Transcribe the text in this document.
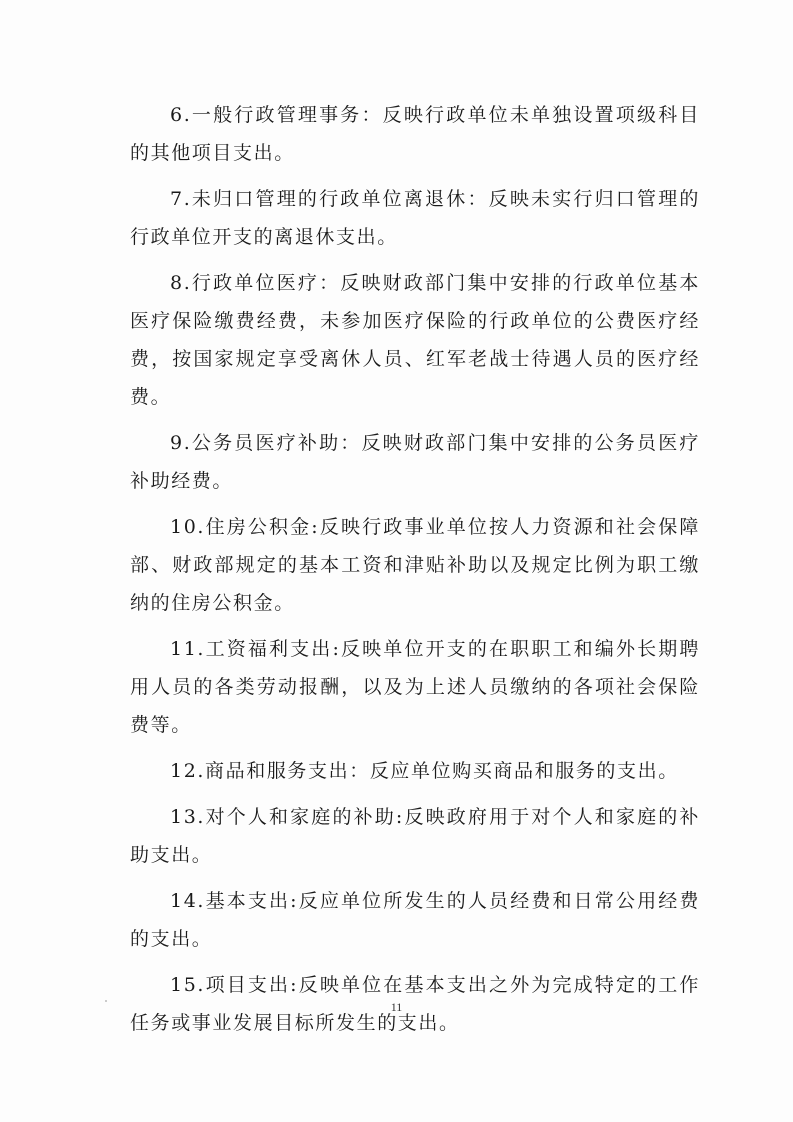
6.一般行政管理事务：反映行政单位未单独设置项级科目的其他项目支出。

7.未归口管理的行政单位离退休：反映未实行归口管理的行政单位开支的离退休支出。

8.行政单位医疗：反映财政部门集中安排的行政单位基本医疗保险缴费经费，未参加医疗保险的行政单位的公费医疗经费，按国家规定享受离休人员、红军老战士待遇人员的医疗经费。

9.公务员医疗补助：反映财政部门集中安排的公务员医疗补助经费。

10.住房公积金:反映行政事业单位按人力资源和社会保障部、财政部规定的基本工资和津贴补助以及规定比例为职工缴纳的住房公积金。

11.工资福利支出:反映单位开支的在职职工和编外长期聘用人员的各类劳动报酬，以及为上述人员缴纳的各项社会保险费等。

12.商品和服务支出：反应单位购买商品和服务的支出。

13.对个人和家庭的补助:反映政府用于对个人和家庭的补助支出。

14.基本支出:反应单位所发生的人员经费和日常公用经费的支出。

15.项目支出:反映单位在基本支出之外为完成特定的工作任务或事业发展目标所发生的支出。

11
